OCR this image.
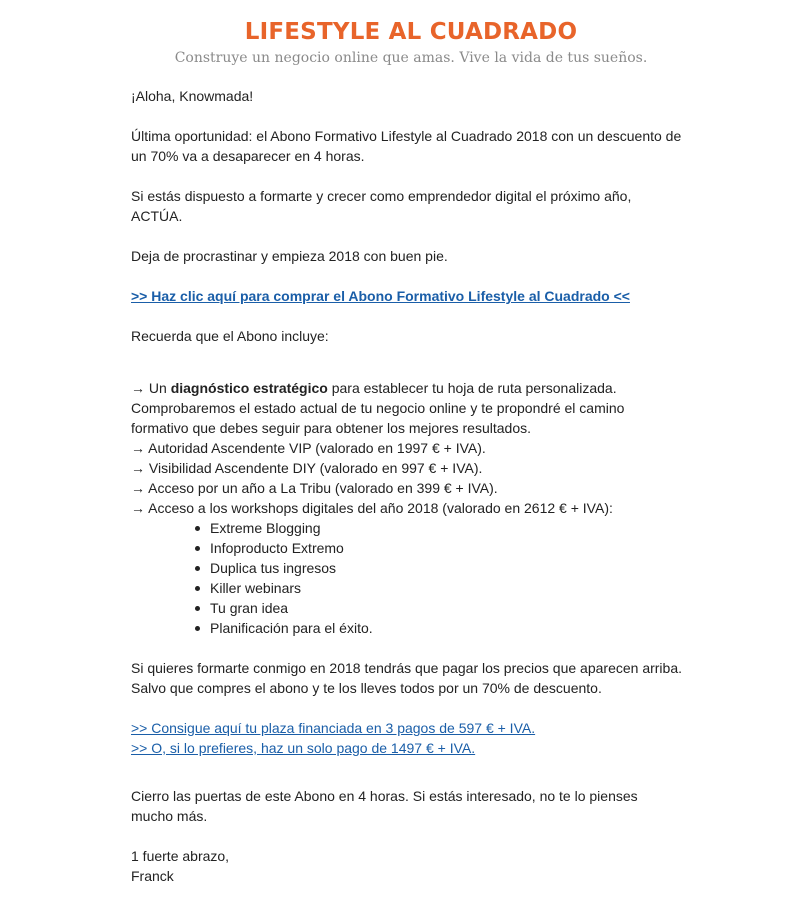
LIFESTYLE AL CUADRADO
Construye un negocio online que amas. Vive la vida de tus sueños.

¡Aloha, Knowmada!

Última oportunidad: el Abono Formativo Lifestyle al Cuadrado 2018 con un descuento de
un 70% va a desaparecer en 4 horas.

Si estás dispuesto a formarte y crecer como emprendedor digital el próximo año,
ACTÚA.

Deja de procrastinar y empieza 2018 con buen pie.

>> Haz clic aquí para comprar el Abono Formativo Lifestyle al Cuadrado <<

Recuerda que el Abono incluye:

→ Un diagnóstico estratégico para establecer tu hoja de ruta personalizada.
Comprobaremos el estado actual de tu negocio online y te propondré el camino
formativo que debes seguir para obtener los mejores resultados.

→ Autoridad Ascendente VIP (valorado en 1997 € + IVA).

→ Visibilidad Ascendente DIY (valorado en 997 € + IVA).

→ Acceso por un año a La Tribu (valorado en 399 € + IVA).

→ Acceso a los workshops digitales del año 2018 (valorado en 2612 € + IVA):

Extreme Blogging
Infoproducto Extremo
Duplica tus ingresos
Killer webinars
Tu gran idea
Planificación para el éxito.

Si quieres formarte conmigo en 2018 tendrás que pagar los precios que aparecen arriba.
Salvo que compres el abono y te los lleves todos por un 70% de descuento.

>> Consigue aquí tu plaza financiada en 3 pagos de 597 € + IVA.
>> O, si lo prefieres, haz un solo pago de 1497 € + IVA.

Cierro las puertas de este Abono en 4 horas. Si estás interesado, no te lo pienses
mucho más.

1 fuerte abrazo,
Franck
